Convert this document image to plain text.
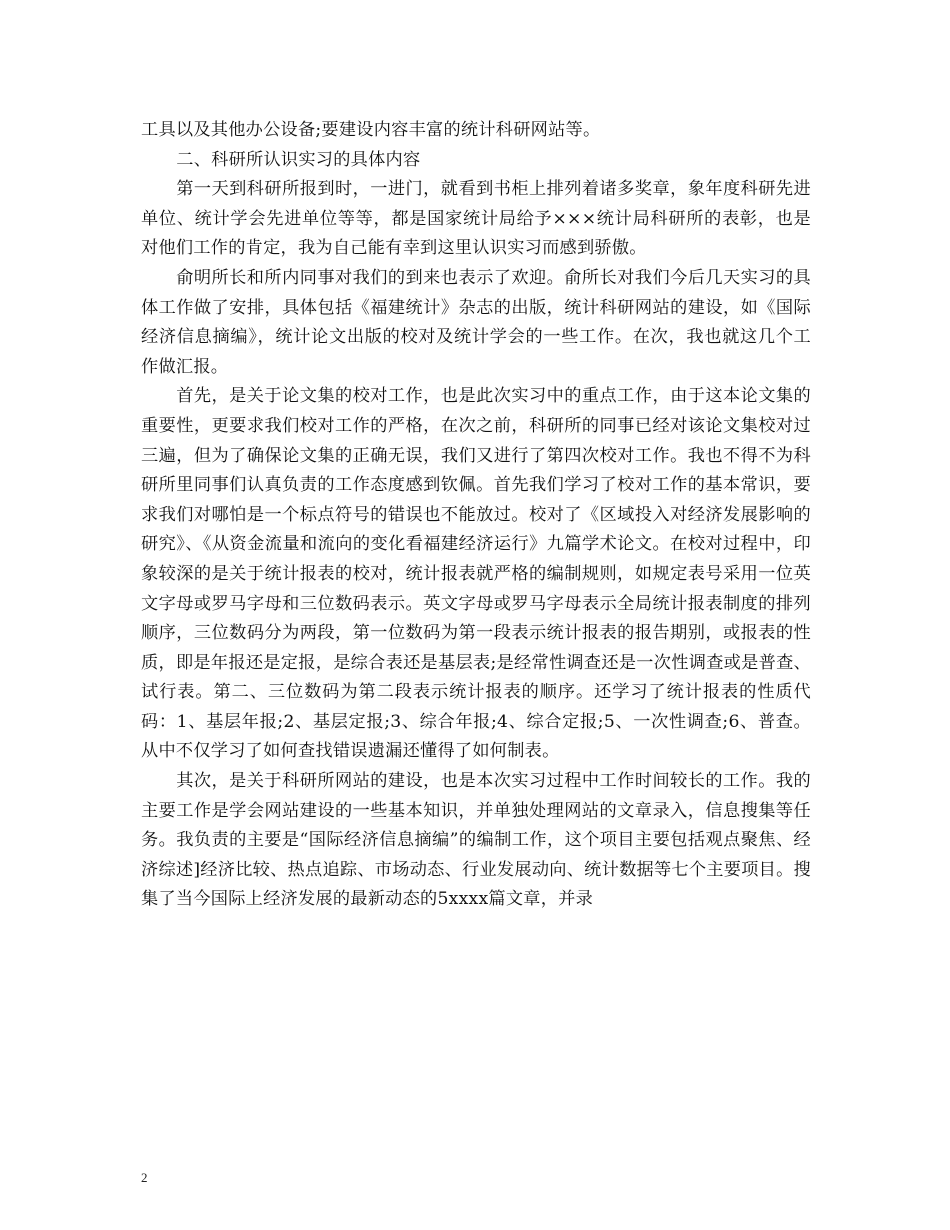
工具以及其他办公设备;要建设内容丰富的统计科研网站等。

二、科研所认识实习的具体内容

第一天到科研所报到时，一进门，就看到书柜上排列着诸多奖章，象年度科研先进单位、统计学会先进单位等等，都是国家统计局给予×××统计局科研所的表彰，也是对他们工作的肯定，我为自己能有幸到这里认识实习而感到骄傲。

俞明所长和所内同事对我们的到来也表示了欢迎。俞所长对我们今后几天实习的具体工作做了安排，具体包括《福建统计》杂志的出版，统计科研网站的建设，如《国际经济信息摘编》，统计论文出版的校对及统计学会的一些工作。在次，我也就这几个工作做汇报。

首先，是关于论文集的校对工作，也是此次实习中的重点工作，由于这本论文集的重要性，更要求我们校对工作的严格，在次之前，科研所的同事已经对该论文集校对过三遍，但为了确保论文集的正确无误，我们又进行了第四次校对工作。我也不得不为科研所里同事们认真负责的工作态度感到钦佩。首先我们学习了校对工作的基本常识，要求我们对哪怕是一个标点符号的错误也不能放过。校对了《区域投入对经济发展影响的研究》、《从资金流量和流向的变化看福建经济运行》九篇学术论文。在校对过程中，印象较深的是关于统计报表的校对，统计报表就严格的编制规则，如规定表号采用一位英文字母或罗马字母和三位数码表示。英文字母或罗马字母表示全局统计报表制度的排列顺序，三位数码分为两段，第一位数码为第一段表示统计报表的报告期别，或报表的性质，即是年报还是定报，是综合表还是基层表;是经常性调查还是一次性调查或是普查、试行表。第二、三位数码为第二段表示统计报表的顺序。还学习了统计报表的性质代码：1、基层年报;2、基层定报;3、综合年报;4、综合定报;5、一次性调查;6、普查。从中不仅学习了如何查找错误遗漏还懂得了如何制表。

其次，是关于科研所网站的建设，也是本次实习过程中工作时间较长的工作。我的主要工作是学会网站建设的一些基本知识，并单独处理网站的文章录入，信息搜集等任务。我负责的主要是“国际经济信息摘编”的编制工作，这个项目主要包括观点聚焦、经济综述]经济比较、热点追踪、市场动态、行业发展动向、统计数据等七个主要项目。搜集了当今国际上经济发展的最新动态的5xxxx篇文章，并录

2
